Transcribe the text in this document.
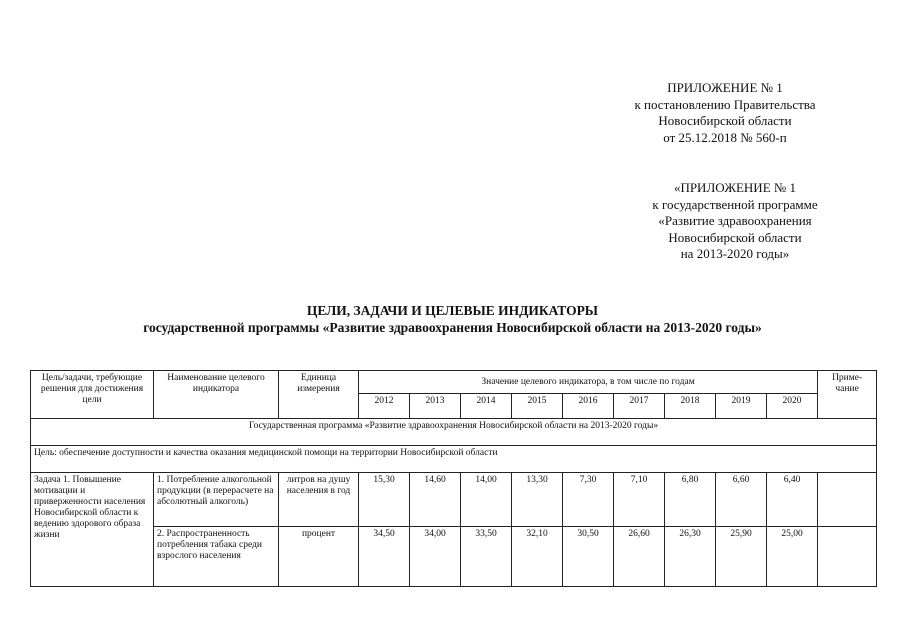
ПРИЛОЖЕНИЕ № 1
к постановлению Правительства
Новосибирской области
от 25.12.2018 № 560-п
«ПРИЛОЖЕНИЕ № 1
к государственной программе
«Развитие здравоохранения
Новосибирской области
на 2013-2020 годы»
ЦЕЛИ, ЗАДАЧИ И ЦЕЛЕВЫЕ ИНДИКАТОРЫ
государственной программы «Развитие здравоохранения Новосибирской области на 2013-2020 годы»
Цель/задачи, требующие решения для достижения цели	Наименование целевого индикатора	Единица измерения	Значение целевого индикатора, в том числе по годам									Приме-чание
			2012	2013	2014	2015	2016	2017	2018	2019	2020	
Государственная программа «Развитие здравоохранения Новосибирской области на 2013-2020 годы»												
Цель: обеспечение доступности и качества оказания медицинской помощи на территории Новосибирской области												
Задача 1. Повышение мотивации и приверженности населения Новосибирской области к ведению здорового образа жизни	1. Потребление алкогольной продукции (в перерасчете на абсолютный алкоголь)	литров на душу населения в год	15,30	14,60	14,00	13,30	7,30	7,10	6,80	6,60	6,40	
	2. Распространенность потребления табака среди взрослого населения	процент	34,50	34,00	33,50	32,10	30,50	26,60	26,30	25,90	25,00	
